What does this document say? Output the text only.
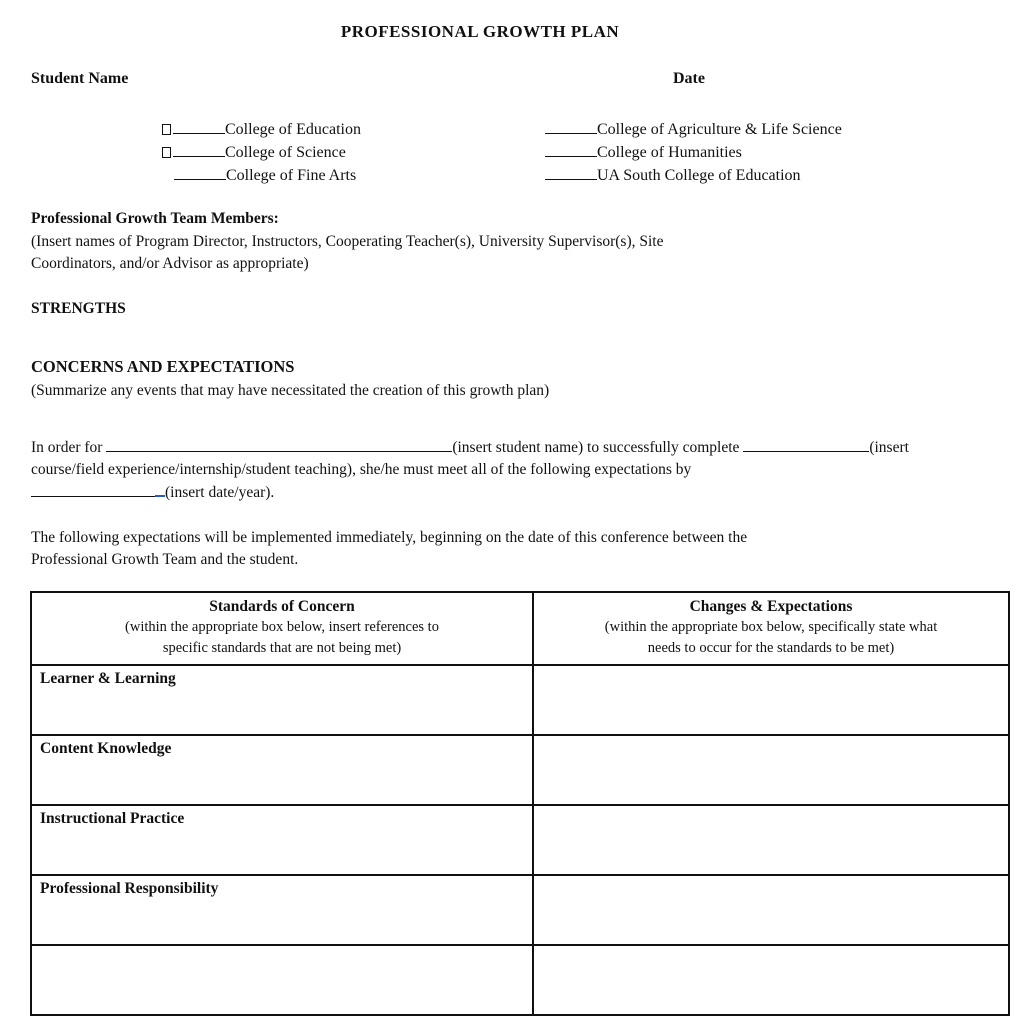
PROFESSIONAL GROWTH PLAN
Student Name	Date
College of Education
College of Science
College of Fine Arts
College of Agriculture & Life Science
College of Humanities
UA South College of Education
Professional Growth Team Members:
(Insert names of Program Director, Instructors, Cooperating Teacher(s), University Supervisor(s), Site
Coordinators, and/or Advisor as appropriate)
STRENGTHS
CONCERNS AND EXPECTATIONS
(Summarize any events that may have necessitated the creation of this growth plan)
In order for	(insert student name) to successfully complete	(insert
course/field experience/internship/student teaching), she/he must meet all of the following expectations by
(insert date/year).
The following expectations will be implemented immediately, beginning on the date of this conference between the
Professional Growth Team and the student.
Standards of Concern
(within the appropriate box below, insert references to
specific standards that are not being met)	Changes & Expectations
(within the appropriate box below, specifically state what
needs to occur for the standards to be met)

Learner & Learning	
Content Knowledge	
Instructional Practice	
Professional Responsibility	
